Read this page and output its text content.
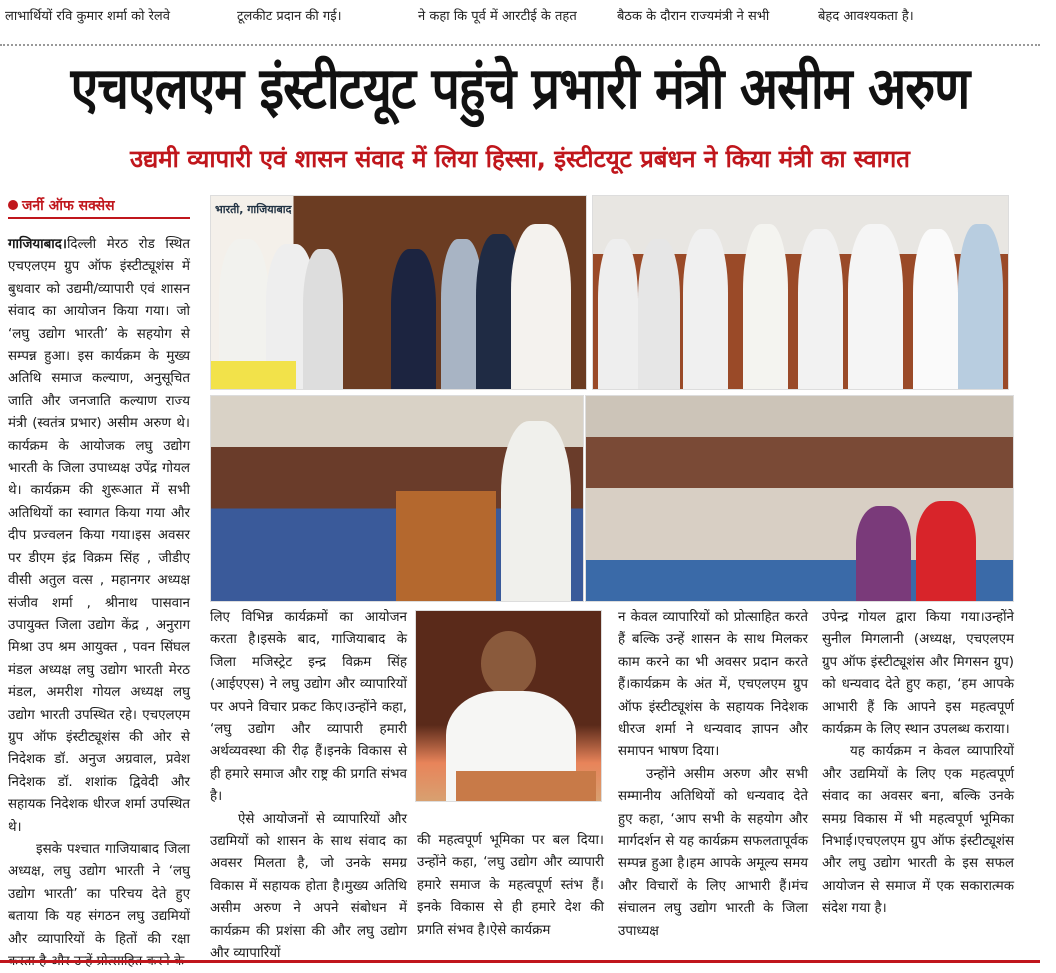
लाभार्थियों रवि कुमार शर्मा को रेलवे	टूलकीट प्रदान की गई।	ने कहा कि पूर्व में आरटीई के तहत	बैठक के दौरान राज्यमंत्री ने सभी	बेहद आवश्यकता है।
एचएलएम इंस्टीटयूट पहुंचे प्रभारी मंत्री असीम अरुण
उद्यमी व्यापारी एवं शासन संवाद में लिया हिस्सा, इंस्टीटयूट प्रबंधन ने किया मंत्री का स्वागत
जर्नी ऑफ सक्सेस	भारती, गाजियाबाद

गाजियाबाद।दिल्ली मेरठ रोड स्थित एचएलएम ग्रुप ऑफ इंस्टीट्यूशंस में बुधवार को उद्यमी/व्यापारी एवं शासन संवाद का आयोजन किया गया। जो ‘लघु उद्योग भारती’ के सहयोग से सम्पन्न हुआ। इस कार्यक्रम के मुख्य अतिथि समाज कल्याण, अनुसूचित जाति और जनजाति कल्याण राज्य मंत्री (स्वतंत्र प्रभार) असीम अरुण थे। कार्यक्रम के आयोजक लघु उद्योग भारती के जिला उपाध्यक्ष उपेंद्र गोयल थे। कार्यक्रम की शुरूआत में सभी अतिथियों का स्वागत किया गया और दीप प्रज्वलन किया गया।इस अवसर पर डीएम इंद्र विक्रम सिंह , जीडीए वीसी अतुल वत्स , महानगर अध्यक्ष संजीव शर्मा , श्रीनाथ पासवान उपायुक्त जिला उद्योग केंद्र , अनुराग मिश्रा उप श्रम आयुक्त , पवन सिंघल मंडल अध्यक्ष लघु उद्योग भारती मेरठ मंडल, अमरीश गोयल अध्यक्ष लघु उद्योग भारती उपस्थित रहे। एचएलएम ग्रुप ऑफ इंस्टीट्यूशंस की ओर से निदेशक डॉ. अनुज अग्रवाल, प्रवेश निदेशक डॉ. शशांक द्विवेदी और सहायक निदेशक धीरज शर्मा उपस्थित थे।

इसके पश्चात गाजियाबाद जिला अध्यक्ष, लघु उद्योग भारती ने ‘लघु उद्योग भारती’ का परिचय देते हुए बताया कि यह संगठन लघु उद्यमियों और व्यापारियों के हितों की रक्षा करता है और उन्हें प्रोत्साहित करने के

लिए विभिन्न कार्यक्रमों का आयोजन करता है।इसके बाद, गाजियाबाद के जिला मजिस्ट्रेट इन्द्र विक्रम सिंह (आईएएस) ने लघु उद्योग और व्यापारियों पर अपने विचार प्रकट किए।उन्होंने कहा, ‘लघु उद्योग और व्यापारी हमारी अर्थव्यवस्था की रीढ़ हैं।इनके विकास से ही हमारे समाज और राष्ट्र की प्रगति संभव है।

ऐसे आयोजनों से व्यापारियों और उद्यमियों को शासन के साथ संवाद का अवसर मिलता है, जो उनके समग्र विकास में सहायक होता है।मुख्य अतिथि असीम अरुण ने अपने संबोधन में कार्यक्रम की प्रशंसा की और लघु उद्योग और व्यापारियों

की महत्वपूर्ण भूमिका पर बल दिया। उन्होंने कहा, ‘लघु उद्योग और व्यापारी हमारे समाज के महत्वपूर्ण स्तंभ हैं।इनके विकास से ही हमारे देश की प्रगति संभव है।ऐसे कार्यक्रम

न केवल व्यापारियों को प्रोत्साहित करते हैं बल्कि उन्हें शासन के साथ मिलकर काम करने का भी अवसर प्रदान करते हैं।कार्यक्रम के अंत में, एचएलएम ग्रुप ऑफ इंस्टीट्यूशंस के सहायक निदेशक धीरज शर्मा ने धन्यवाद ज्ञापन और समापन भाषण दिया।

उन्होंने असीम अरुण और सभी सम्मानीय अतिथियों को धन्यवाद देते हुए कहा, ‘आप सभी के सहयोग और मार्गदर्शन से यह कार्यक्रम सफलतापूर्वक सम्पन्न हुआ है।हम आपके अमूल्य समय और विचारों के लिए आभारी हैं।मंच संचालन लघु उद्योग भारती के जिला उपाध्यक्ष

उपेन्द्र गोयल द्वारा किया गया।उन्होंने सुनील मिगलानी (अध्यक्ष, एचएलएम ग्रुप ऑफ इंस्टीट्यूशंस और मिगसन ग्रुप) को धन्यवाद देते हुए कहा, ‘हम आपके आभारी हैं कि आपने इस महत्वपूर्ण कार्यक्रम के लिए स्थान उपलब्ध कराया।

यह कार्यक्रम न केवल व्यापारियों और उद्यमियों के लिए एक महत्वपूर्ण संवाद का अवसर बना, बल्कि उनके समग्र विकास में भी महत्वपूर्ण भूमिका निभाई।एचएलएम ग्रुप ऑफ इंस्टीट्यूशंस और लघु उद्योग भारती के इस सफल आयोजन से समाज में एक सकारात्मक संदेश गया है।
